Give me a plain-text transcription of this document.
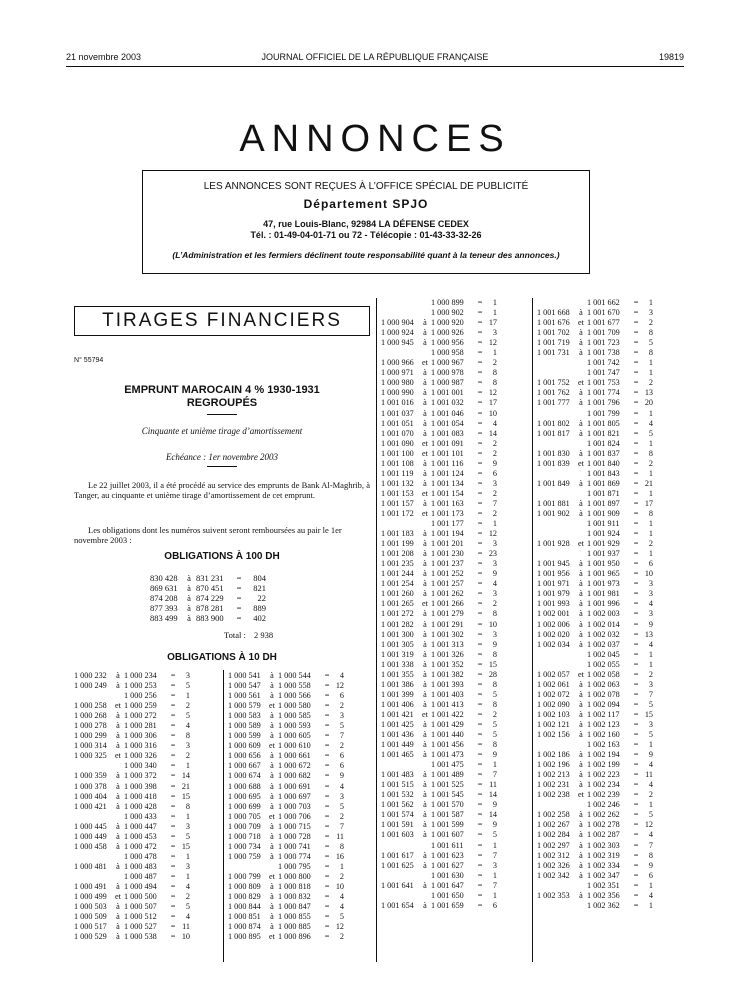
21 novembre 2003	JOURNAL OFFICIEL DE LA RÉPUBLIQUE FRANÇAISE	19819
ANNONCES
LES ANNONCES SONT REÇUES À L’OFFICE SPÉCIAL DE PUBLICITÉ
Département SPJO
47, rue Louis-Blanc, 92984 LA DÉFENSE CEDEX
Tél. : 01-49-04-01-71 ou 72 - Télécopie : 01-43-33-32-26
(L’Administration et les fermiers déclinent toute responsabilité quant à la teneur des annonces.)
TIRAGES FINANCIERS
N° 55794
EMPRUNT MAROCAIN 4 % 1930-1931
REGROUPÉS
Cinquante et unième tirage d’amortissement
Echéance : 1er novembre 2003
Le 22 juillet 2003, il a été procédé au service des emprunts de Bank Al-Maghrib, à Tanger, au cinquante et unième tirage d’amortissement de cet emprunt.
Les obligations dont les numéros suivent seront remboursées au pair le 1er novembre 2003 :
OBLIGATIONS À 100 DH
830 428 à 831 231 = 804
869 631 à 870 451 = 821
874 208 à 874 229 = 22
877 393 à 878 281 = 889
883 499 à 883 900 = 402
Total : 2 938
OBLIGATIONS À 10 DH
1 000 232	à 1 000 234	=	3
1 000 249	à 1 000 253	=	5
1 000 256	=	1
1 000 258	et 1 000 259	=	2
1 000 268	à 1 000 272	=	5
1 000 278	à 1 000 281	=	4
1 000 299	à 1 000 306	=	8
1 000 314	à 1 000 316	=	3
1 000 325	et 1 000 326	=	2
1 000 340	=	1
1 000 359	à 1 000 372	= 14
1 000 378	à 1 000 398	= 21
1 000 404	à 1 000 418	= 15
1 000 421	à 1 000 428	=	8
1 000 433	=	1
1 000 445	à 1 000 447	=	3
1 000 449	à 1 000 453	=	5
1 000 458	à 1 000 472	= 15
1 000 478	=	1
1 000 481	à 1 000 483	=	3
1 000 487	=	1
1 000 491	à 1 000 494	=	4
1 000 499	et 1 000 500	=	2
1 000 503	à 1 000 507	=	5
1 000 509	à 1 000 512	=	4
1 000 517	à 1 000 527	= 11
1 000 529	à 1 000 538	= 10
1 000 541	à 1 000 544	=	4
1 000 547	à 1 000 558	= 12
1 000 561	à 1 000 566	=	6
1 000 579	et 1 000 580	=	2
1 000 583	à 1 000 585	=	3
1 000 589	à 1 000 593	=	5
1 000 599	à 1 000 605	=	7
1 000 609	et 1 000 610	=	2
1 000 656	à 1 000 661	=	6
1 000 667	à 1 000 672	=	6
1 000 674	à 1 000 682	=	9
1 000 688	à 1 000 691	=	4
1 000 695	à 1 000 697	=	3
1 000 699	à 1 000 703	=	5
1 000 705	et 1 000 706	=	2
1 000 709	à 1 000 715	=	7
1 000 718	à 1 000 728	= 11
1 000 734	à 1 000 741	=	8
1 000 759	à 1 000 774	= 16
1 000 795	=	1
1 000 799	et 1 000 800	=	2
1 000 809	à 1 000 818	= 10
1 000 829	à 1 000 832	=	4
1 000 844	à 1 000 847	=	4
1 000 851	à 1 000 855	=	5
1 000 874	à 1 000 885	= 12
1 000 895	et 1 000 896	=	2
1 000 899	=	1
1 000 902	=	1
1 000 904	à 1 000 920	= 17
1 000 924	à 1 000 926	=	3
1 000 945	à 1 000 956	= 12
1 000 958	=	1
1 000 966	et 1 000 967	=	2
1 000 971	à 1 000 978	=	8
1 000 980	à 1 000 987	=	8
1 000 990	à 1 001 001	= 12
1 001 016	à 1 001 032	= 17
1 001 037	à 1 001 046	= 10
1 001 051	à 1 001 054	=	4
1 001 070	à 1 001 083	= 14
1 001 090	et 1 001 091	=	2
1 001 100	et 1 001 101	=	2
1 001 108	à 1 001 116	=	9
1 001 119	à 1 001 124	=	6
1 001 132	à 1 001 134	=	3
1 001 153	et 1 001 154	=	2
1 001 157	à 1 001 163	=	7
1 001 172	et 1 001 173	=	2
1 001 177	=	1
1 001 183	à 1 001 194	= 12
1 001 199	à 1 001 201	=	3
1 001 208	à 1 001 230	= 23
1 001 235	à 1 001 237	=	3
1 001 244	à 1 001 252	=	9
1 001 254	à 1 001 257	=	4
1 001 260	à 1 001 262	=	3
1 001 265	et 1 001 266	=	2
1 001 272	à 1 001 279	=	8
1 001 282	à 1 001 291	= 10
1 001 300	à 1 001 302	=	3
1 001 305	à 1 001 313	=	9
1 001 319	à 1 001 326	=	8
1 001 338	à 1 001 352	= 15
1 001 355	à 1 001 382	= 28
1 001 386	à 1 001 393	=	8
1 001 399	à 1 001 403	=	5
1 001 406	à 1 001 413	=	8
1 001 421	et 1 001 422	=	2
1 001 425	à 1 001 429	=	5
1 001 436	à 1 001 440	=	5
1 001 449	à 1 001 456	=	8
1 001 465	à 1 001 473	=	9
1 001 475	=	1
1 001 483	à 1 001 489	=	7
1 001 515	à 1 001 525	= 11
1 001 532	à 1 001 545	= 14
1 001 562	à 1 001 570	=	9
1 001 574	à 1 001 587	= 14
1 001 591	à 1 001 599	=	9
1 001 603	à 1 001 607	=	5
1 001 611	=	1
1 001 617	à 1 001 623	=	7
1 001 625	à 1 001 627	=	3
1 001 630	=	1
1 001 641	à 1 001 647	=	7
1 001 650	=	1
1 001 654	à 1 001 659	=	6
1 001 662	=	1
1 001 668	à 1 001 670	=	3
1 001 676	et 1 001 677	=	2
1 001 702	à 1 001 709	=	8
1 001 719	à 1 001 723	=	5
1 001 731	à 1 001 738	=	8
1 001 742	=	1
1 001 747	=	1
1 001 752	et 1 001 753	=	2
1 001 762	à 1 001 774	= 13
1 001 777	à 1 001 796	= 20
1 001 799	=	1
1 001 802	à 1 001 805	=	4
1 001 817	à 1 001 821	=	5
1 001 824	=	1
1 001 830	à 1 001 837	=	8
1 001 839	et 1 001 840	=	2
1 001 843	=	1
1 001 849	à 1 001 869	= 21
1 001 871	=	1
1 001 881	à 1 001 897	= 17
1 001 902	à 1 001 909	=	8
1 001 911	=	1
1 001 924	=	1
1 001 928	et 1 001 929	=	2
1 001 937	=	1
1 001 945	à 1 001 950	=	6
1 001 956	à 1 001 965	= 10
1 001 971	à 1 001 973	=	3
1 001 979	à 1 001 981	=	3
1 001 993	à 1 001 996	=	4
1 002 001	à 1 002 003	=	3
1 002 006	à 1 002 014	=	9
1 002 020	à 1 002 032	= 13
1 002 034	à 1 002 037	=	4
1 002 045	=	1
1 002 055	=	1
1 002 057	et 1 002 058	=	2
1 002 061	à 1 002 063	=	3
1 002 072	à 1 002 078	=	7
1 002 090	à 1 002 094	=	5
1 002 103	à 1 002 117	= 15
1 002 121	à 1 002 123	=	3
1 002 156	à 1 002 160	=	5
1 002 163	=	1
1 002 186	à 1 002 194	=	9
1 002 196	à 1 002 199	=	4
1 002 213	à 1 002 223	= 11
1 002 231	à 1 002 234	=	4
1 002 238	et 1 002 239	=	2
1 002 246	=	1
1 002 258	à 1 002 262	=	5
1 002 267	à 1 002 278	= 12
1 002 284	à 1 002 287	=	4
1 002 297	à 1 002 303	=	7
1 002 312	à 1 002 319	=	8
1 002 326	à 1 002 334	=	9
1 002 342	à 1 002 347	=	6
1 002 351	=	1
1 002 353	à 1 002 356	=	4
1 002 362	=	1
